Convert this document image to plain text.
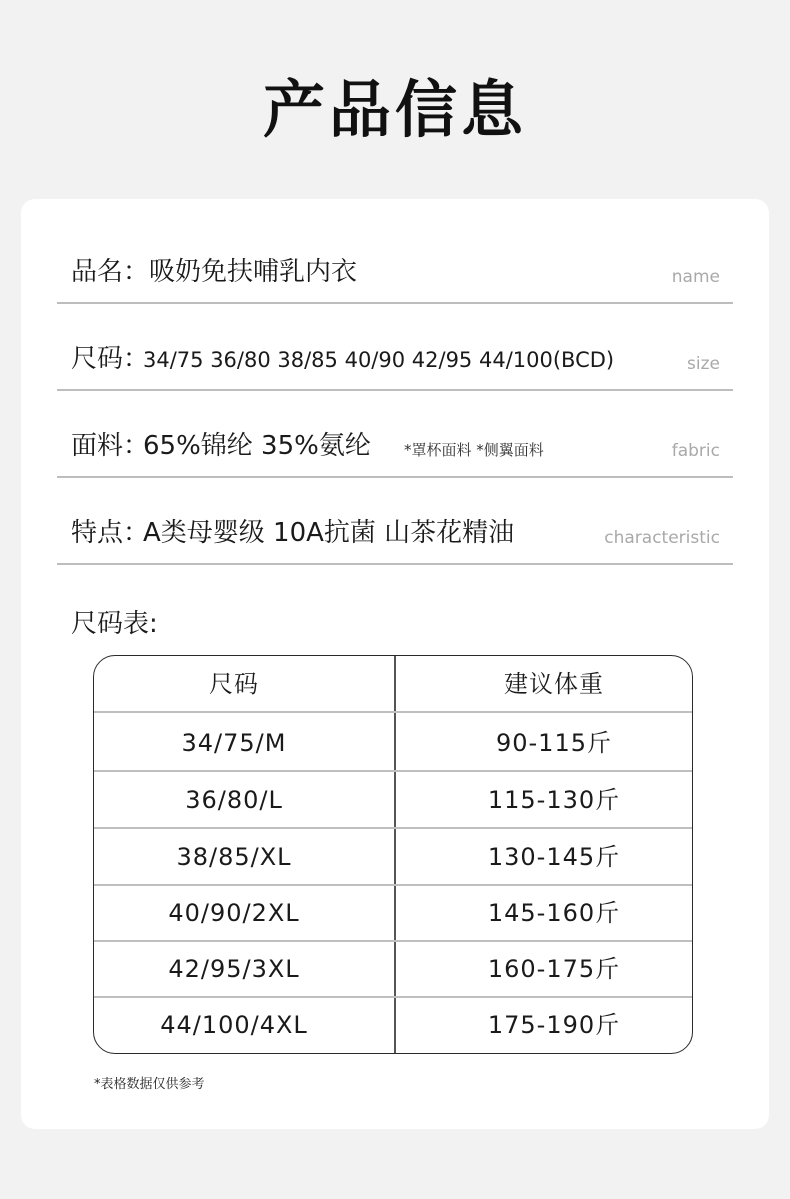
产品信息
品名： 吸奶免扶哺乳内衣	name
尺码：
34/75 36/80 38/85 40/90 42/95 44/100(BCD)	size
面料：
65%锦纶 35%氨纶 *罩杯面料 *侧翼面料	fabric
特点：
A类母婴级 10A抗菌 山茶花精油	characteristic
尺码表:
尺码	建议体重
34/75/M	90-115斤
36/80/L	115-130斤
38/85/XL	130-145斤
40/90/2XL	145-160斤
42/95/3XL	160-175斤
44/100/4XL	175-190斤
*表格数据仅供参考
